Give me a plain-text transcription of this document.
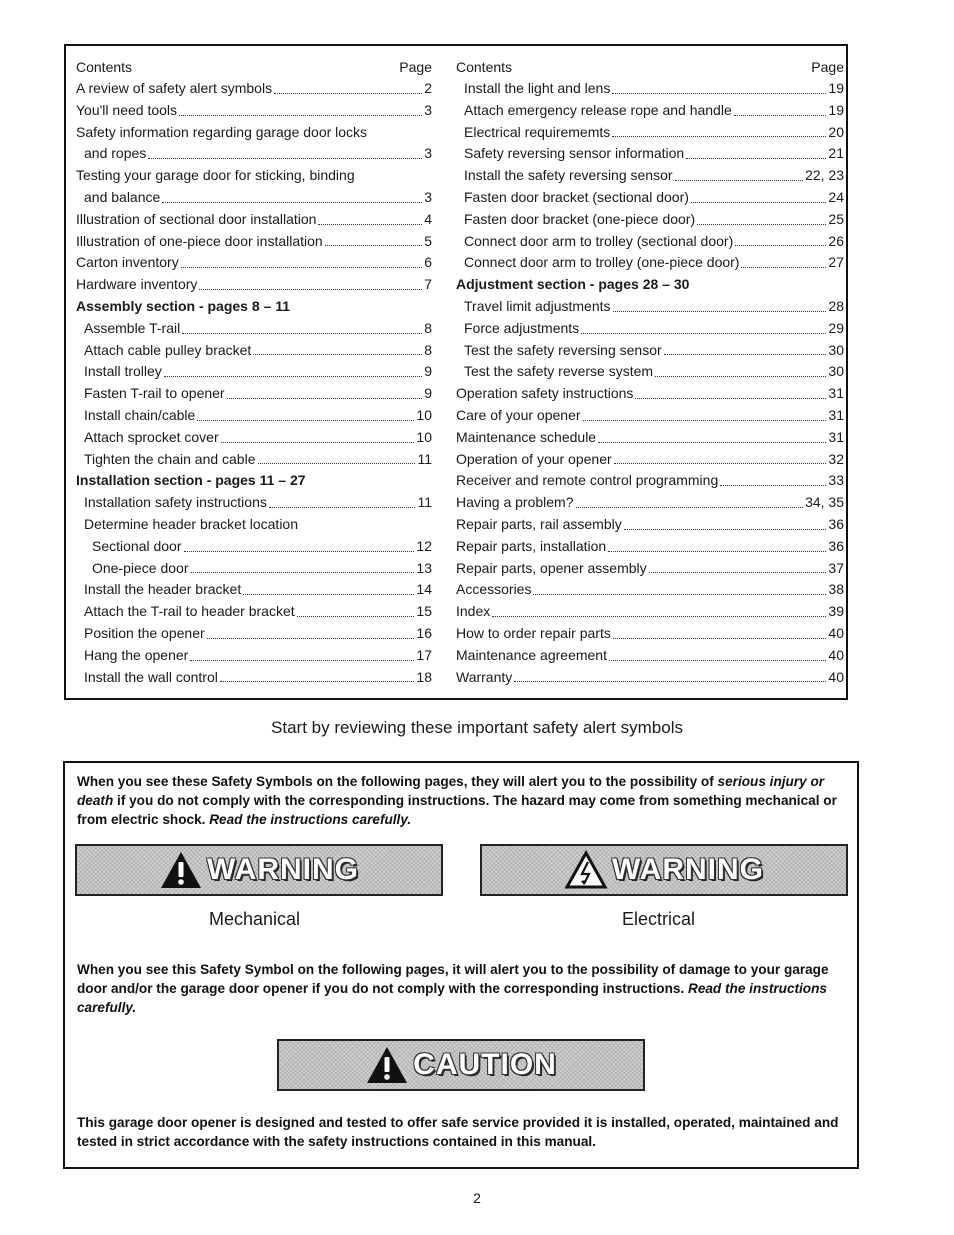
Contents	Page
A review of safety alert symbols	2
You'll need tools	3
Safety information regarding garage door locks
and ropes	3
Testing your garage door for sticking, binding
and balance	3
Illustration of sectional door installation	4
Illustration of one-piece door installation	5
Carton inventory	6
Hardware inventory	7
Assembly section - pages 8 – 11
Assemble T-rail	8
Attach cable pulley bracket	8
Install trolley	9
Fasten T-rail to opener	9
Install chain/cable	10
Attach sprocket cover	10
Tighten the chain and cable	11
Installation section - pages 11 – 27
Installation safety instructions	11
Determine header bracket location
Sectional door	12
One-piece door	13
Install the header bracket	14
Attach the T-rail to header bracket	15
Position the opener	16
Hang the opener	17
Install the wall control	18
Contents	Page
Install the light and lens	19
Attach emergency release rope and handle	19
Electrical requirememts	20
Safety reversing sensor information	21
Install the safety reversing sensor	22, 23
Fasten door bracket (sectional door)	24
Fasten door bracket (one-piece door)	25
Connect door arm to trolley (sectional door)	26
Connect door arm to trolley (one-piece door)	27
Adjustment section - pages 28 – 30
Travel limit adjustments	28
Force adjustments	29
Test the safety reversing sensor	30
Test the safety reverse system	30
Operation safety instructions	31
Care of your opener	31
Maintenance schedule	31
Operation of your opener	32
Receiver and remote control programming	33
Having a problem?	34, 35
Repair parts, rail assembly	36
Repair parts, installation	36
Repair parts, opener assembly	37
Accessories	38
Index	39
How to order repair parts	40
Maintenance agreement	40
Warranty	40
Start by reviewing these important safety alert symbols
When you see these Safety Symbols on the following pages, they will alert you to the possibility of serious injury or death if you do not comply with the corresponding instructions. The hazard may come from something mechanical or from electric shock. Read the instructions carefully.
WARNING	WARNING
Mechanical	Electrical
When you see this Safety Symbol on the following pages, it will alert you to the possibility of damage to your garage door and/or the garage door opener if you do not comply with the corresponding instructions. Read the instructions carefully.
CAUTION
This garage door opener is designed and tested to offer safe service provided it is installed, operated, maintained and tested in strict accordance with the safety instructions contained in this manual.
2
